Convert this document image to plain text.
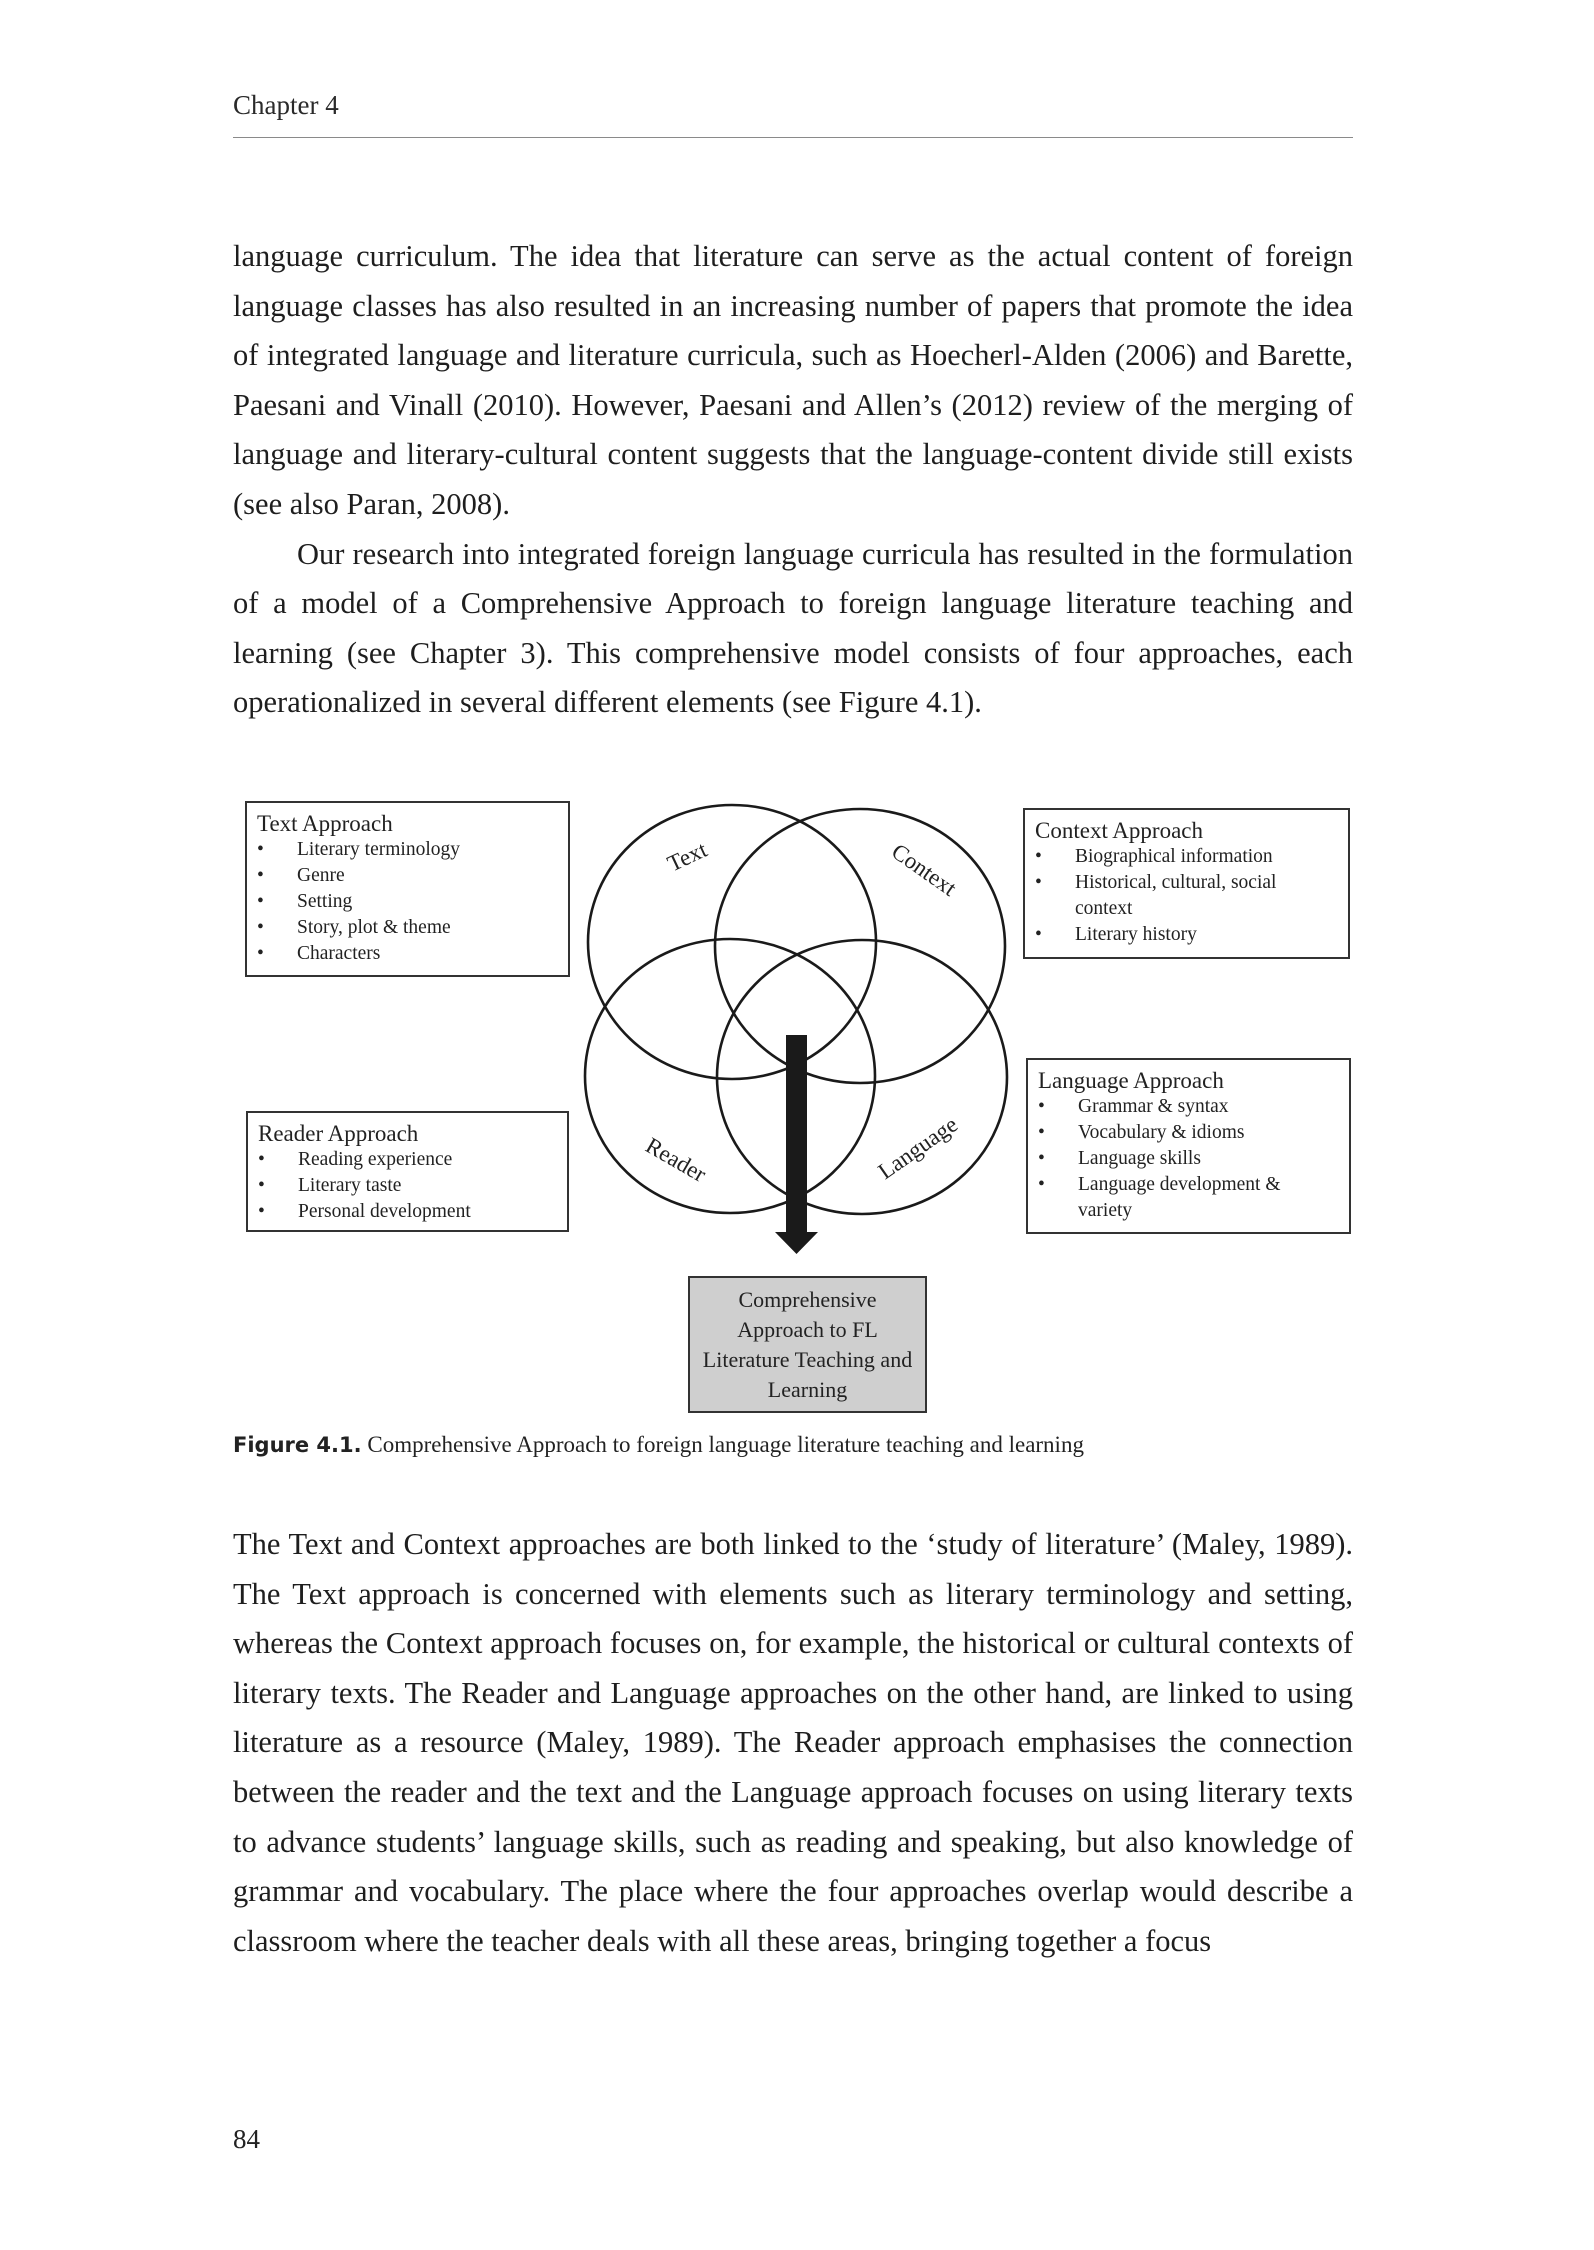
Chapter 4

language curriculum. The idea that literature can serve as the actual content of foreign language classes has also resulted in an increasing number of papers that promote the idea of integrated language and literature curricula, such as Hoecherl-Alden (2006) and Barette, Paesani and Vinall (2010). However, Paesani and Allen’s (2012) review of the merging of language and literary-cultural content suggests that the language-content divide still exists (see also Paran, 2008).

Our research into integrated foreign language curricula has resulted in the formulation of a model of a Comprehensive Approach to foreign language literature teaching and learning (see Chapter 3). This comprehensive model consists of four approaches, each operationalized in several different elements (see Figure 4.1).

Text	Context
Reader	Language
Text Approach
•	Literary terminology
•	Genre
•	Setting
•	Story, plot & theme
•	Characters
Context Approach
•	Biographical information
•	Historical, cultural, social context
•	Literary history
Reader Approach
•	Reading experience
•	Literary taste
•	Personal development
Language Approach
•	Grammar & syntax
•	Vocabulary & idioms
•	Language skills
•	Language development & variety
Comprehensive Approach to FL Literature Teaching and Learning
Figure 4.1. Comprehensive Approach to foreign language literature teaching and learning

The Text and Context approaches are both linked to the ‘study of literature’ (Maley, 1989). The Text approach is concerned with elements such as literary terminology and setting, whereas the Context approach focuses on, for example, the historical or cultural contexts of literary texts. The Reader and Language approaches on the other hand, are linked to using literature as a resource (Maley, 1989). The Reader approach emphasises the connection between the reader and the text and the Language approach focuses on using literary texts to advance students’ language skills, such as reading and speaking, but also knowledge of grammar and vocabulary. The place where the four approaches overlap would describe a classroom where the teacher deals with all these areas, bringing together a focus

84
